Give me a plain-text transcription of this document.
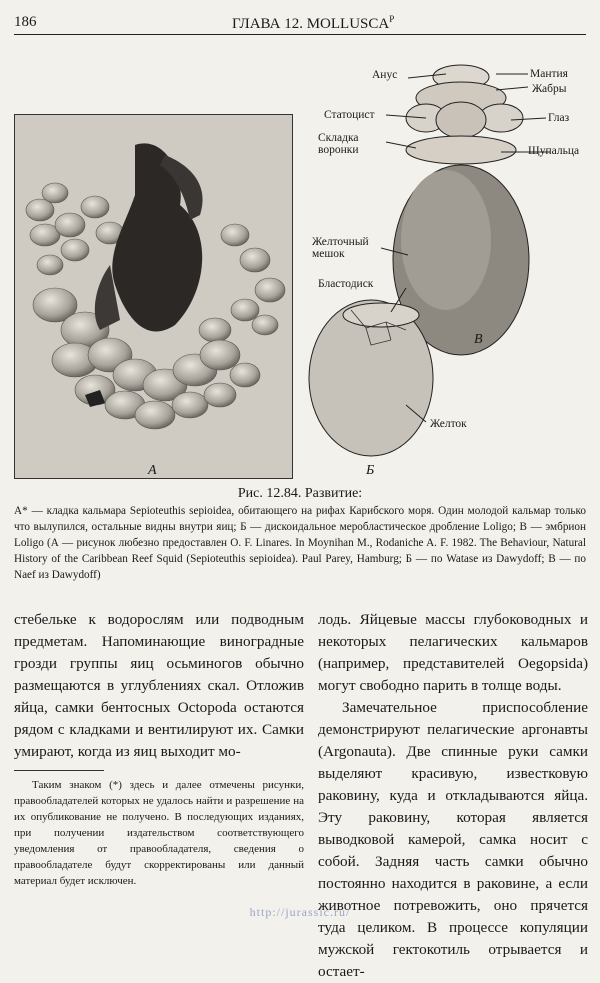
186	ГЛАВА 12. $MOLLUSCA^Р$
А
Анус	Мантия
Жабры
Статоцист	Глаз
Складка
воронки	Щупальца
Желточный
мешок
Бластодиск
В
Желток
Б
Рис. 12.84. Развитие:
А* — кладка кальмара Sepioteuthis sepioidea, обитающего на рифах Карибского моря. Один молодой кальмар только что вылупился, остальные видны внутри яиц; Б — дискоидальное меробластическое дробление Loligo; В — эмбрион Loligo (А — рисунок любезно предоставлен O. F. Linares. In Moynihan M., Rodaniche A. F. 1982. The Behaviour, Natural History of the Caribbean Reef Squid (Sepioteuthis sepioidea). Paul Parey, Hamburg; Б — по Watase из Dawydoff; В — по Naef из Dawydoff)

стебельке к водорослям или подводным предметам. Напоминающие виноградные грозди группы яиц осьминогов обычно размещаются в углублениях скал. Отложив яйца, самки бентосных Octopoda остаются рядом с кладками и вентилируют их. Самки умирают, когда из яиц выходит мо-

Таким знаком (*) здесь и далее отмечены рисунки, правообладателей которых не удалось найти и разрешение на их опубликование не получено. В последующих изданиях, при получении издательством соответствующего уведомления от правообладателя, сведения о правообладателе будут скорректированы или данный материал будет исключен.

лодь. Яйцевые массы глубоководных и некоторых пелагических кальмаров (например, представителей Oegopsida) могут свободно парить в толще воды.

Замечательное приспособление демонстрируют пелагические аргонавты (Argonauta). Две спинные руки самки выделяют красивую, известковую раковину, куда и откладываются яйца. Эту раковину, которая является выводковой камерой, самка носит с собой. Задняя часть самки обычно постоянно находится в раковине, а если животное потревожить, оно прячется туда целиком. В процессе копуляции мужской гектокотиль отрывается и остает-

http://jurassic.ru/
